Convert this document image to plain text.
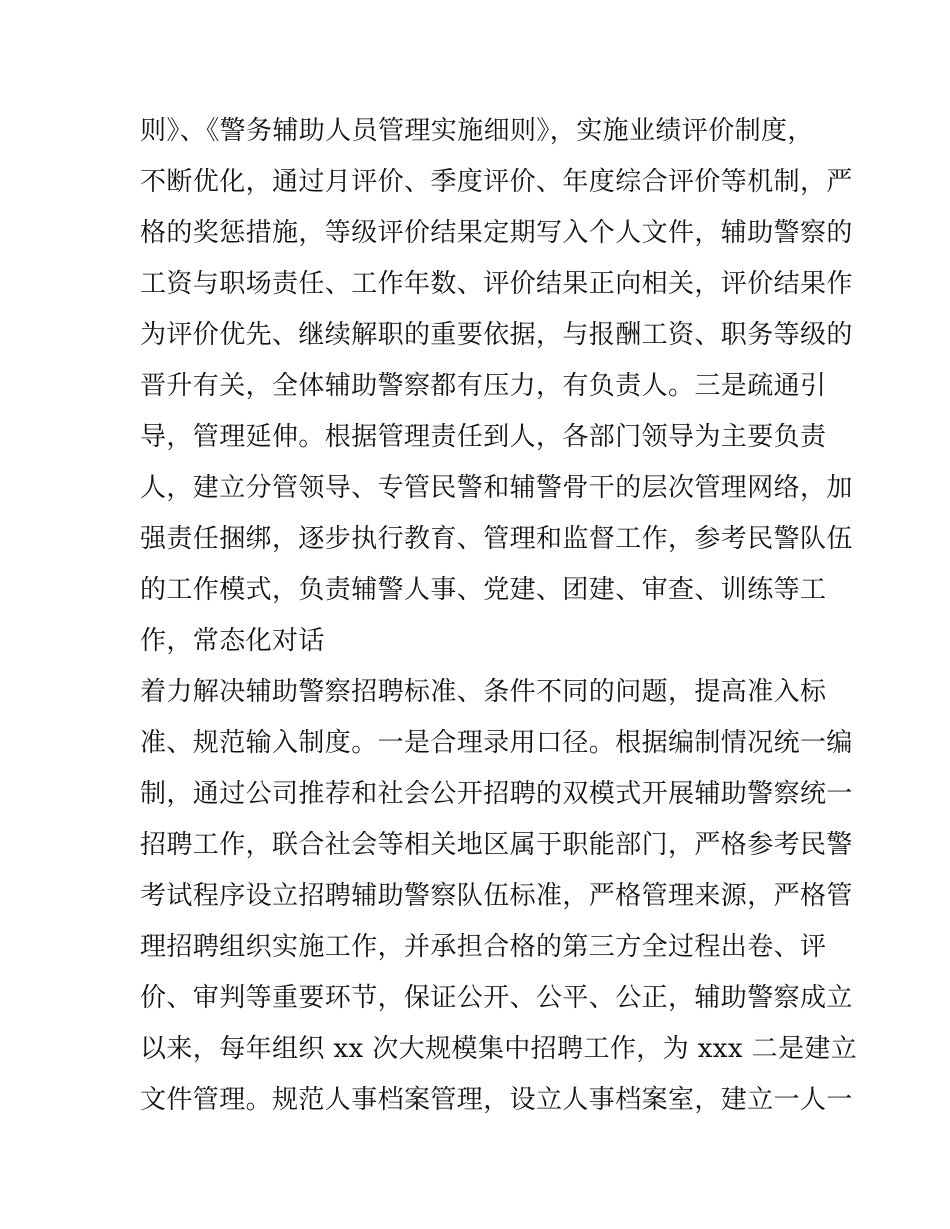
则》、《警务辅助人员管理实施细则》，实施业绩评价制度，
不断优化，通过月评价、季度评价、年度综合评价等机制，严
格的奖惩措施，等级评价结果定期写入个人文件，辅助警察的
工资与职场责任、工作年数、评价结果正向相关，评价结果作
为评价优先、继续解职的重要依据，与报酬工资、职务等级的
晋升有关，全体辅助警察都有压力，有负责人。三是疏通引
导，管理延伸。根据管理责任到人，各部门领导为主要负责
人，建立分管领导、专管民警和辅警骨干的层次管理网络，加
强责任捆绑，逐步执行教育、管理和监督工作，参考民警队伍
的工作模式，负责辅警人事、党建、团建、审查、训练等工
作，常态化对话
着力解决辅助警察招聘标准、条件不同的问题，提高准入标
准、规范输入制度。一是合理录用口径。根据编制情况统一编
制，通过公司推荐和社会公开招聘的双模式开展辅助警察统一
招聘工作，联合社会等相关地区属于职能部门，严格参考民警
考试程序设立招聘辅助警察队伍标准，严格管理来源，严格管
理招聘组织实施工作，并承担合格的第三方全过程出卷、评
价、审判等重要环节，保证公开、公平、公正，辅助警察成立
以来，每年组织 xx 次大规模集中招聘工作，为 xxx 二是建立
文件管理。规范人事档案管理，设立人事档案室，建立一人一
